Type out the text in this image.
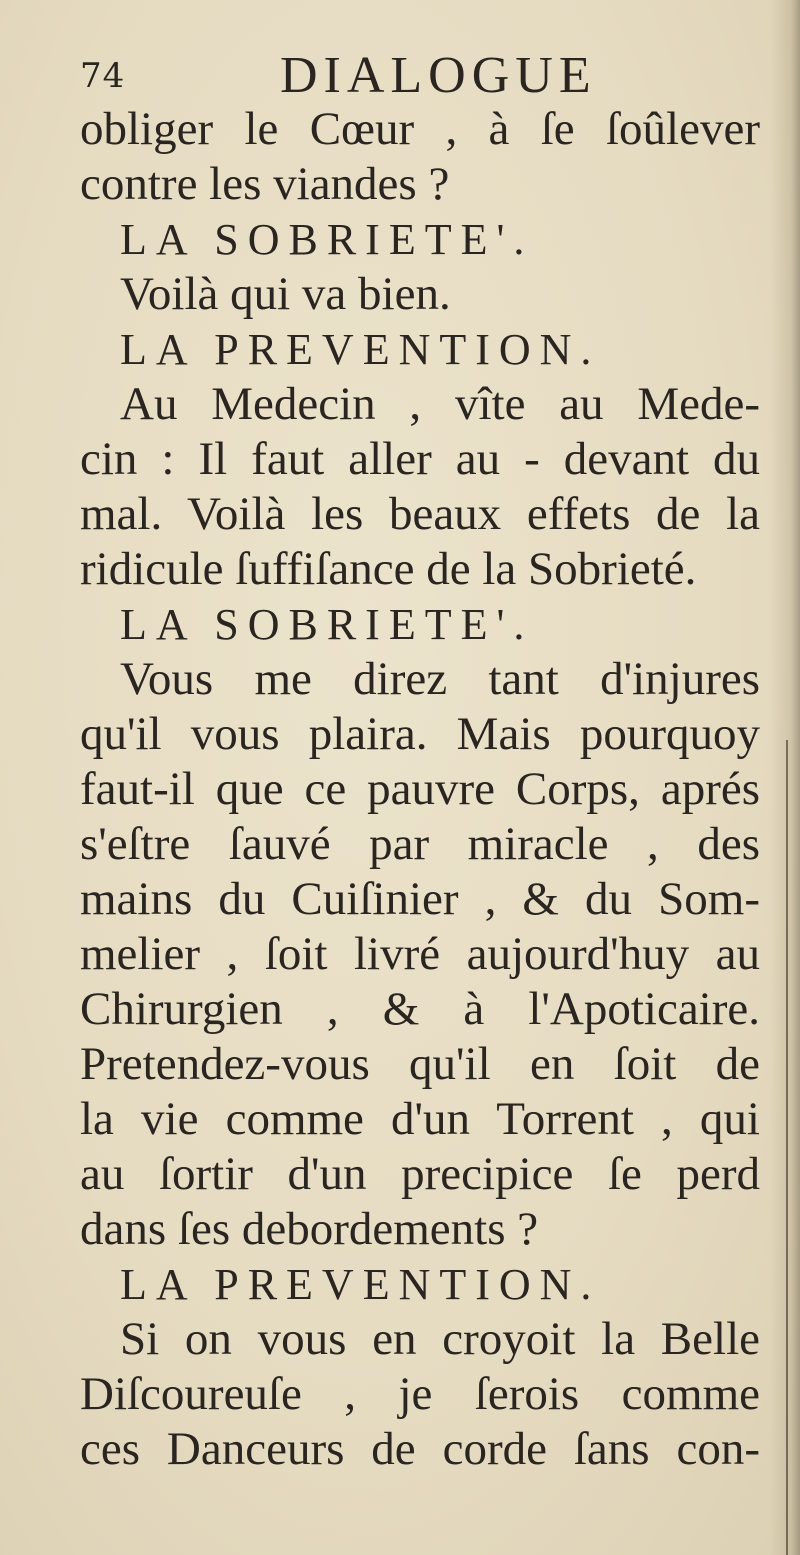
74	DIALOGUE
obliger le Cœur , à ſe ſoûlever
contre les viandes ?
LA SOBRIETE'.
Voilà qui va bien.
LA PREVENTION.
Au Medecin , vîte au Mede-
cin : Il faut aller au - devant du
mal. Voilà les beaux effets de la
ridicule ſuffiſance de la Sobrieté.
LA SOBRIETE'.
Vous me direz tant d'injures
qu'il vous plaira. Mais pourquoy
faut-il que ce pauvre Corps, aprés
s'eſtre ſauvé par miracle , des
mains du Cuiſinier , & du Som-
melier , ſoit livré aujourd'huy au
Chirurgien , & à l'Apoticaire.
Pretendez-vous qu'il en ſoit de
la vie comme d'un Torrent , qui
au ſortir d'un precipice ſe perd
dans ſes debordements ?
LA PREVENTION.
Si on vous en croyoit la Belle
Diſcoureuſe , je ſerois comme
ces Danceurs de corde ſans con-
